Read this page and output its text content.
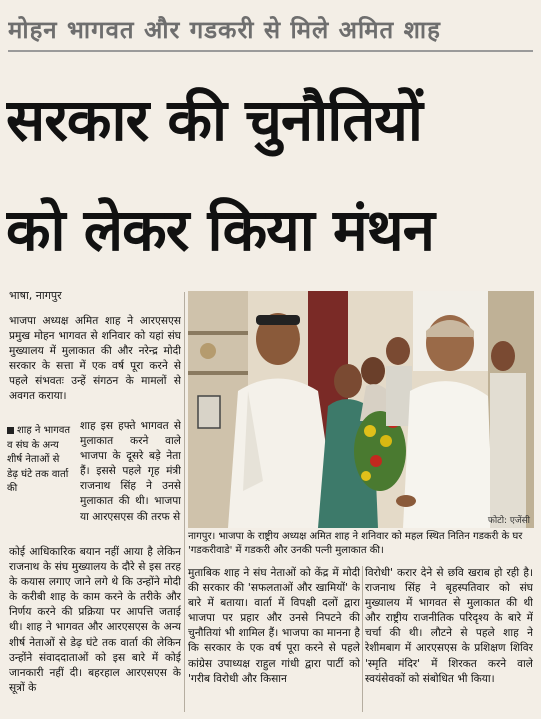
मोहन भागवत और गडकरी से मिले अमित शाह
सरकार की चुनौतियों
को लेकर किया मंथन
भाषा, नागपुर
भाजपा अध्यक्ष अमित शाह ने आरएसएस प्रमुख मोहन भागवत से शनिवार को यहां संघ मुख्यालय में मुलाकात की और नरेन्द्र मोदी सरकार के सत्ता में एक वर्ष पूरा करने से पहले संभवतः उन्हें संगठन के मामलों से अवगत कराया।
शाह ने भागवत व संघ के अन्य शीर्ष नेताओं से डेढ़ घंटे तक वार्ता की
शाह इस हफ्ते भागवत से मुलाकात करने वाले भाजपा के दूसरे बड़े नेता हैं। इससे पहले गृह मंत्री राजनाथ सिंह ने उनसे मुलाकात की थी। भाजपा या आरएसएस की तरफ से
कोई आधिकारिक बयान नहीं आया है लेकिन राजनाथ के संघ मुख्यालय के दौरे से इस तरह के कयास लगाए जाने लगे थे कि उन्होंने मोदी के करीबी शाह के काम करने के तरीके और निर्णय करने की प्रक्रिया पर आपत्ति जताई थी। शाह ने भागवत और आरएसएस के अन्य शीर्ष नेताओं से डेढ़ घंटे तक वार्ता की लेकिन उन्होंने संवाददाताओं को इस बारे में कोई जानकारी नहीं दी। बहरहाल आरएसएस के सूत्रों के
फोटो: एजेंसी
नागपुर। भाजपा के राष्ट्रीय अध्यक्ष अमित शाह ने शनिवार को महल स्थित नितिन गडकरी के घर 'गडकरीवाडे' में गडकरी और उनकी पत्नी मुलाकात की।
मुताबिक शाह ने संघ नेताओं को केंद्र में मोदी की सरकार की 'सफलताओं और खामियों' के बारे में बताया। वार्ता में विपक्षी दलों द्वारा भाजपा पर प्रहार और उनसे निपटने की चुनौतियां भी शामिल हैं। भाजपा का मानना है कि सरकार के एक वर्ष पूरा करने से पहले कांग्रेस उपाध्यक्ष राहुल गांधी द्वारा पार्टी को 'गरीब विरोधी और किसान
विरोधी' करार देने से छवि खराब हो रही है। राजनाथ सिंह ने बृहस्पतिवार को संघ मुख्यालय में भागवत से मुलाकात की थी और राष्ट्रीय राजनीतिक परिदृश्य के बारे में चर्चा की थी। लौटने से पहले शाह ने रेशीमबाग में आरएसएस के प्रशिक्षण शिविर 'स्मृति मंदिर' में शिरकत करने वाले स्वयंसेवकों को संबोधित भी किया।
